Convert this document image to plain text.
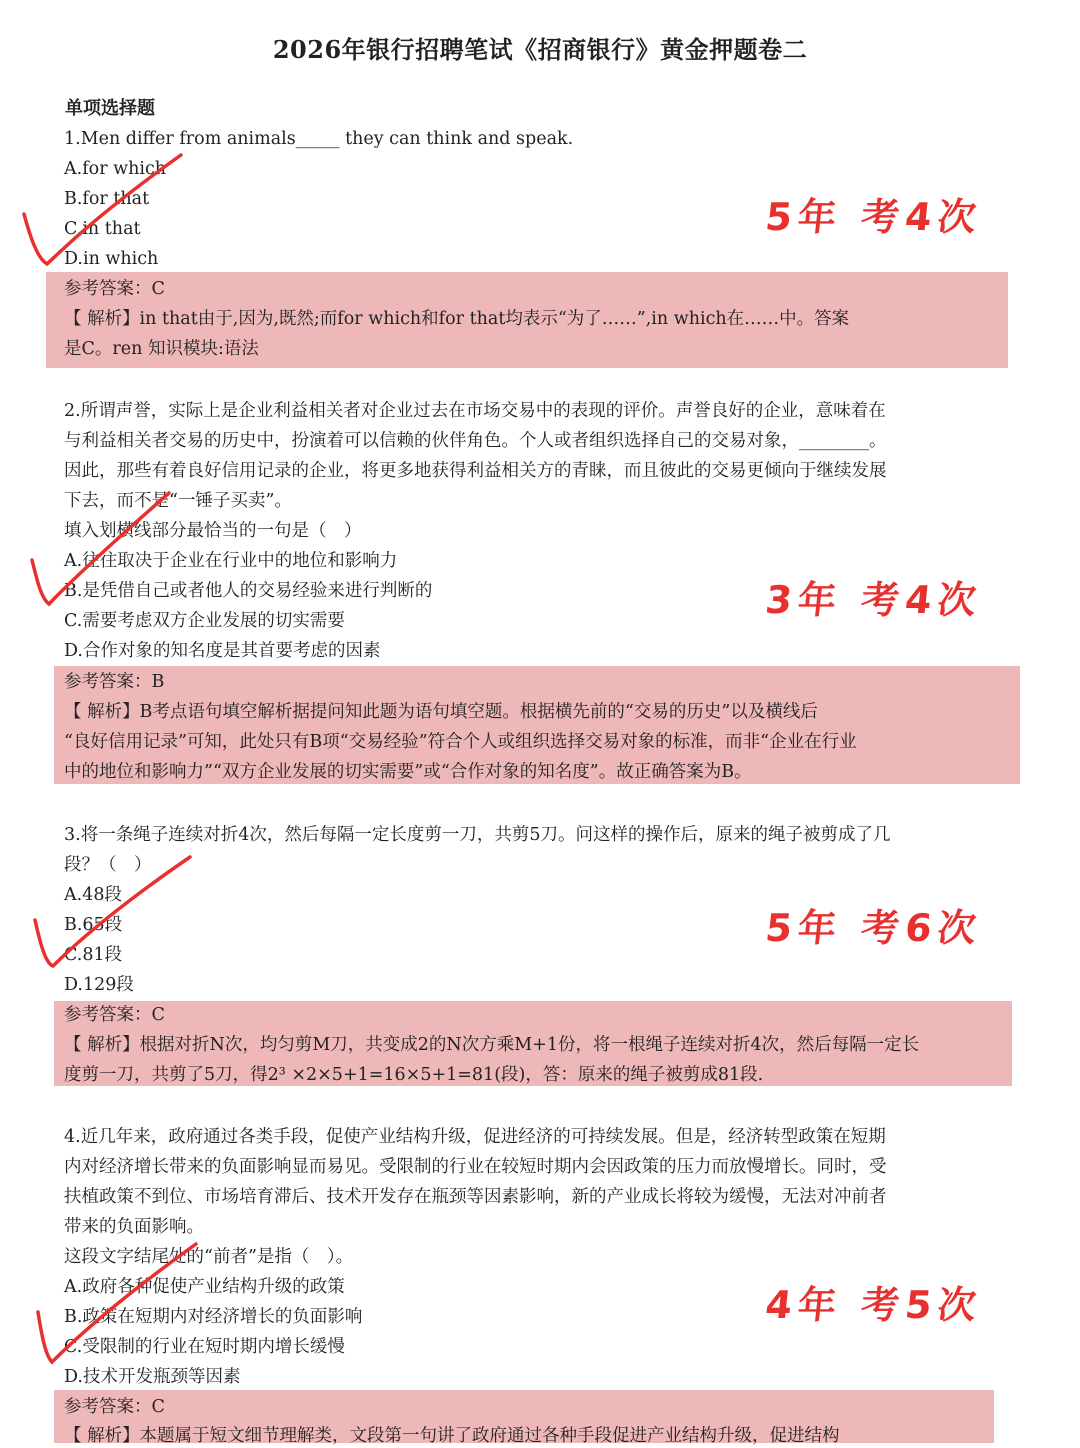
2026年银行招聘笔试《招商银行》黄金押题卷二
单项选择题
1.Men differ from animals_____ they can think and speak.
A.for which
B.for that
C.in that
D.in which
参考答案：C
【 解析】in that由于,因为,既然;而for which和for that均表示“为了……”,in which在……中。答案
是C。ren 知识模块:语法
5年 考4次
2.所谓声誉，实际上是企业利益相关者对企业过去在市场交易中的表现的评价。声誉良好的企业，意味着在
与利益相关者交易的历史中，扮演着可以信赖的伙伴角色。个人或者组织选择自己的交易对象，________。
因此，那些有着良好信用记录的企业，将更多地获得利益相关方的青睐，而且彼此的交易更倾向于继续发展
下去，而不是“一锤子买卖”。
填入划横线部分最恰当的一句是（　）
A.往往取决于企业在行业中的地位和影响力
B.是凭借自己或者他人的交易经验来进行判断的
C.需要考虑双方企业发展的切实需要
D.合作对象的知名度是其首要考虑的因素
参考答案：B
【 解析】B考点语句填空解析据提问知此题为语句填空题。根据横先前的“交易的历史”以及横线后
“良好信用记录”可知，此处只有B项“交易经验”符合个人或组织选择交易对象的标准，而非“企业在行业
中的地位和影响力”“双方企业发展的切实需要”或“合作对象的知名度”。故正确答案为B。
3年 考4次
3.将一条绳子连续对折4次，然后每隔一定长度剪一刀，共剪5刀。问这样的操作后，原来的绳子被剪成了几
段？（　）
A.48段
B.65段
C.81段
D.129段
参考答案：C
【 解析】根据对折N次，均匀剪M刀，共变成2的N次方乘M+1份，将一根绳子连续对折4次，然后每隔一定长
度剪一刀，共剪了5刀，得2³ ×2×5+1=16×5+1=81(段)，答：原来的绳子被剪成81段.
5年 考6次
4.近几年来，政府通过各类手段，促使产业结构升级，促进经济的可持续发展。但是，经济转型政策在短期
内对经济增长带来的负面影响显而易见。受限制的行业在较短时期内会因政策的压力而放慢增长。同时，受
扶植政策不到位、市场培育滞后、技术开发存在瓶颈等因素影响，新的产业成长将较为缓慢，无法对冲前者
带来的负面影响。
这段文字结尾处的“前者”是指（　）。
A.政府各种促使产业结构升级的政策
B.政策在短期内对经济增长的负面影响
C.受限制的行业在短时期内增长缓慢
D.技术开发瓶颈等因素
参考答案：C
【 解析】本题属于短文细节理解类，文段第一句讲了政府通过各种手段促进产业结构升级，促进结构
4年 考5次
